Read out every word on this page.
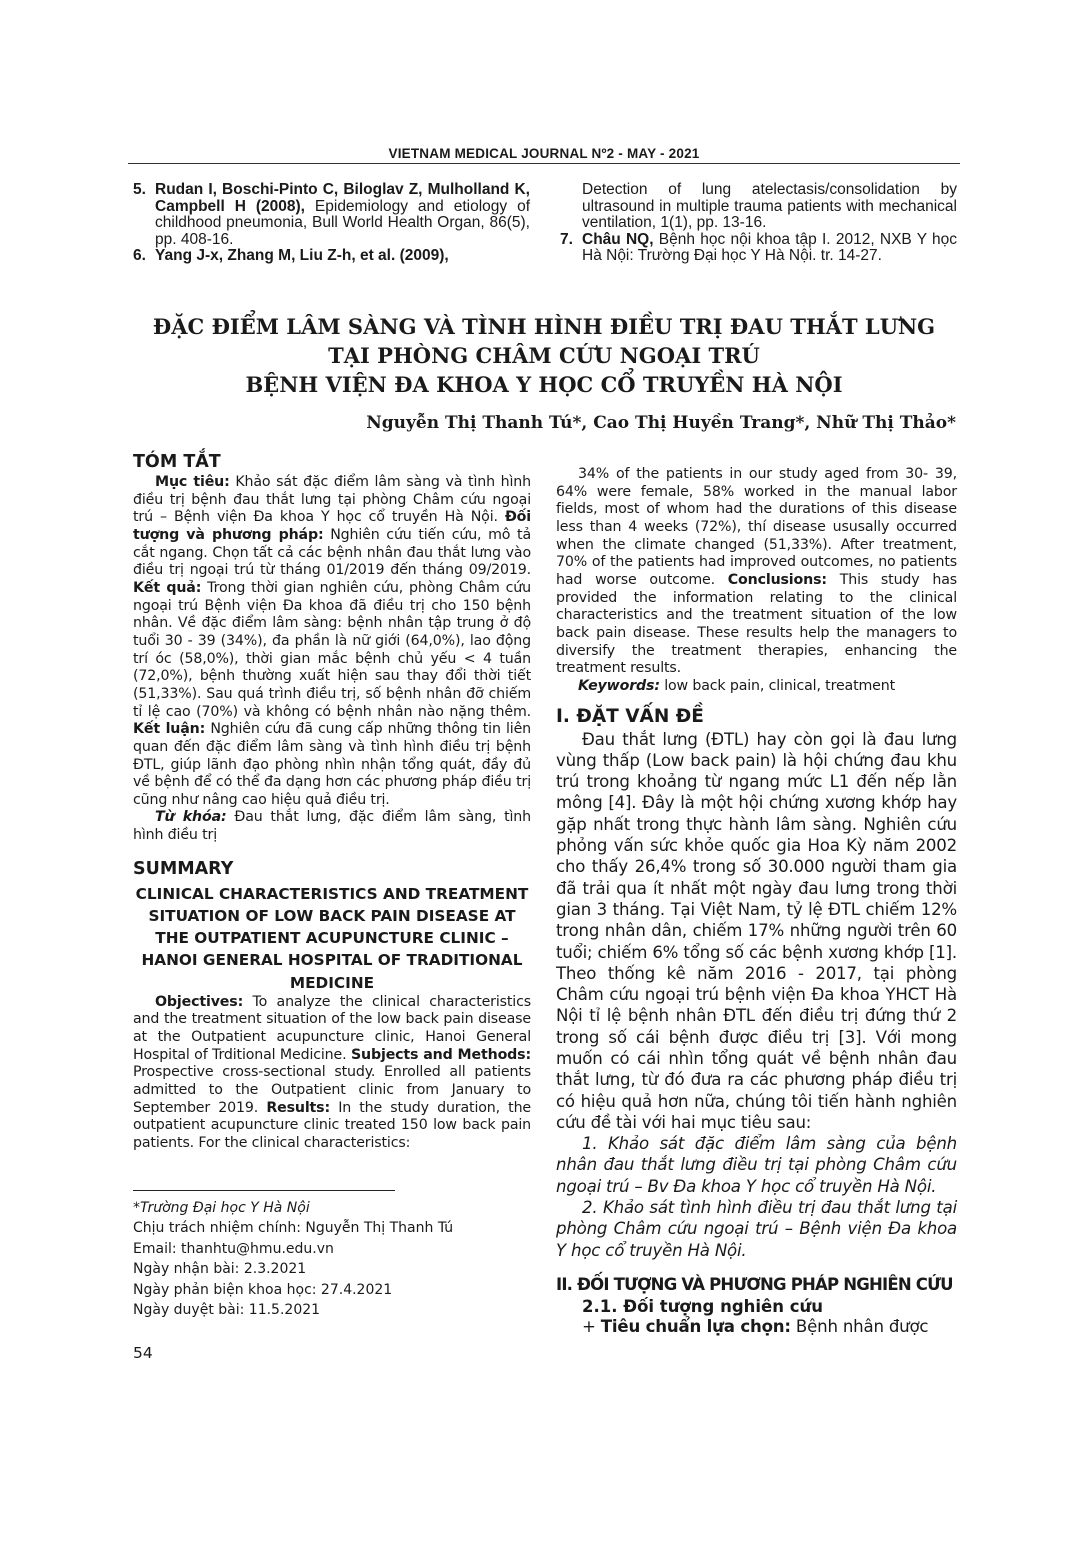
VIETNAM MEDICAL JOURNAL Nº2 - MAY - 2021
5. Rudan I, Boschi-Pinto C, Biloglav Z, Mulholland K, Campbell H (2008), Epidemiology and etiology of childhood pneumonia, Bull World Health Organ, 86(5), pp. 408-16.
6. Yang J-x, Zhang M, Liu Z-h, et al. (2009),
Detection of lung atelectasis/consolidation by ultrasound in multiple trauma patients with mechanical ventilation, 1(1), pp. 13-16.
7. Châu NQ, Bệnh học nội khoa tập I. 2012, NXB Y học Hà Nội: Trường Đại học Y Hà Nội. tr. 14-27.
ĐẶC ĐIỂM LÂM SÀNG VÀ TÌNH HÌNH ĐIỀU TRỊ ĐAU THẮT LƯNG
TẠI PHÒNG CHÂM CỨU NGOẠI TRÚ
BỆNH VIỆN ĐA KHOA Y HỌC CỔ TRUYỀN HÀ NỘI
Nguyễn Thị Thanh Tú*, Cao Thị Huyền Trang*, Nhữ Thị Thảo*
TÓM TẮT

Mục tiêu: Khảo sát đặc điểm lâm sàng và tình hình điều trị bệnh đau thắt lưng tại phòng Châm cứu ngoại trú – Bệnh viện Đa khoa Y học cổ truyền Hà Nội. Đối tượng và phương pháp: Nghiên cứu tiến cứu, mô tả cắt ngang. Chọn tất cả các bệnh nhân đau thắt lưng vào điều trị ngoại trú từ tháng 01/2019 đến tháng 09/2019. Kết quả: Trong thời gian nghiên cứu, phòng Châm cứu ngoại trú Bệnh viện Đa khoa đã điều trị cho 150 bệnh nhân. Về đặc điểm lâm sàng: bệnh nhân tập trung ở độ tuổi 30 - 39 (34%), đa phần là nữ giới (64,0%), lao động trí óc (58,0%), thời gian mắc bệnh chủ yếu < 4 tuần (72,0%), bệnh thường xuất hiện sau thay đổi thời tiết (51,33%). Sau quá trình điều trị, số bệnh nhân đỡ chiếm tỉ lệ cao (70%) và không có bệnh nhân nào nặng thêm. Kết luận: Nghiên cứu đã cung cấp những thông tin liên quan đến đặc điểm lâm sàng và tình hình điều trị bệnh ĐTL, giúp lãnh đạo phòng nhìn nhận tổng quát, đầy đủ về bệnh để có thể đa dạng hơn các phương pháp điều trị cũng như nâng cao hiệu quả điều trị.

Từ khóa: Đau thắt lưng, đặc điểm lâm sàng, tình hình điều trị

SUMMARY
CLINICAL CHARACTERISTICS AND TREATMENT SITUATION OF LOW BACK PAIN DISEASE AT THE OUTPATIENT ACUPUNCTURE CLINIC – HANOI GENERAL HOSPITAL OF TRADITIONAL MEDICINE

Objectives: To analyze the clinical characteristics and the treatment situation of the low back pain disease at the Outpatient acupuncture clinic, Hanoi General Hospital of Trditional Medicine. Subjects and Methods: Prospective cross-sectional study. Enrolled all patients admitted to the Outpatient clinic from January to September 2019. Results: In the study duration, the outpatient acupuncture clinic treated 150 low back pain patients. For the clinical characteristics:

*Trường Đại học Y Hà Nội
Chịu trách nhiệm chính: Nguyễn Thị Thanh Tú
Email: thanhtu@hmu.edu.vn
Ngày nhận bài: 2.3.2021
Ngày phản biện khoa học: 27.4.2021
Ngày duyệt bài: 11.5.2021
54

34% of the patients in our study aged from 30- 39, 64% were female, 58% worked in the manual labor fields, most of whom had the durations of this disease less than 4 weeks (72%), thí disease ususally occurred when the climate changed (51,33%). After treatment, 70% of the patients had improved outcomes, no patients had worse outcome. Conclusions: This study has provided the information relating to the clinical characteristics and the treatment situation of the low back pain disease. These results help the managers to diversify the treatment therapies, enhancing the treatment results.

Keywords: low back pain, clinical, treatment

I. ĐẶT VẤN ĐỀ

Đau thắt lưng (ĐTL) hay còn gọi là đau lưng vùng thấp (Low back pain) là hội chứng đau khu trú trong khoảng từ ngang mức L1 đến nếp lằn mông [4]. Đây là một hội chứng xương khớp hay gặp nhất trong thực hành lâm sàng. Nghiên cứu phỏng vấn sức khỏe quốc gia Hoa Kỳ năm 2002 cho thấy 26,4% trong số 30.000 người tham gia đã trải qua ít nhất một ngày đau lưng trong thời gian 3 tháng. Tại Việt Nam, tỷ lệ ĐTL chiếm 12% trong nhân dân, chiếm 17% những người trên 60 tuổi; chiếm 6% tổng số các bệnh xương khớp [1]. Theo thống kê năm 2016 - 2017, tại phòng Châm cứu ngoại trú bệnh viện Đa khoa YHCT Hà Nội tỉ lệ bệnh nhân ĐTL đến điều trị đứng thứ 2 trong số cái bệnh được điều trị [3]. Với mong muốn có cái nhìn tổng quát về bệnh nhân đau thắt lưng, từ đó đưa ra các phương pháp điều trị có hiệu quả hơn nữa, chúng tôi tiến hành nghiên cứu đề tài với hai mục tiêu sau:

1. Khảo sát đặc điểm lâm sàng của bệnh nhân đau thắt lưng điều trị tại phòng Châm cứu ngoại trú – Bv Đa khoa Y học cổ truyền Hà Nội.

2. Khảo sát tình hình điều trị đau thắt lưng tại phòng Châm cứu ngoại trú – Bệnh viện Đa khoa Y học cổ truyền Hà Nội.

II. ĐỐI TƯỢNG VÀ PHƯƠNG PHÁP NGHIÊN CỨU
2.1. Đối tượng nghiên cứu

+ Tiêu chuẩn lựa chọn: Bệnh nhân được
